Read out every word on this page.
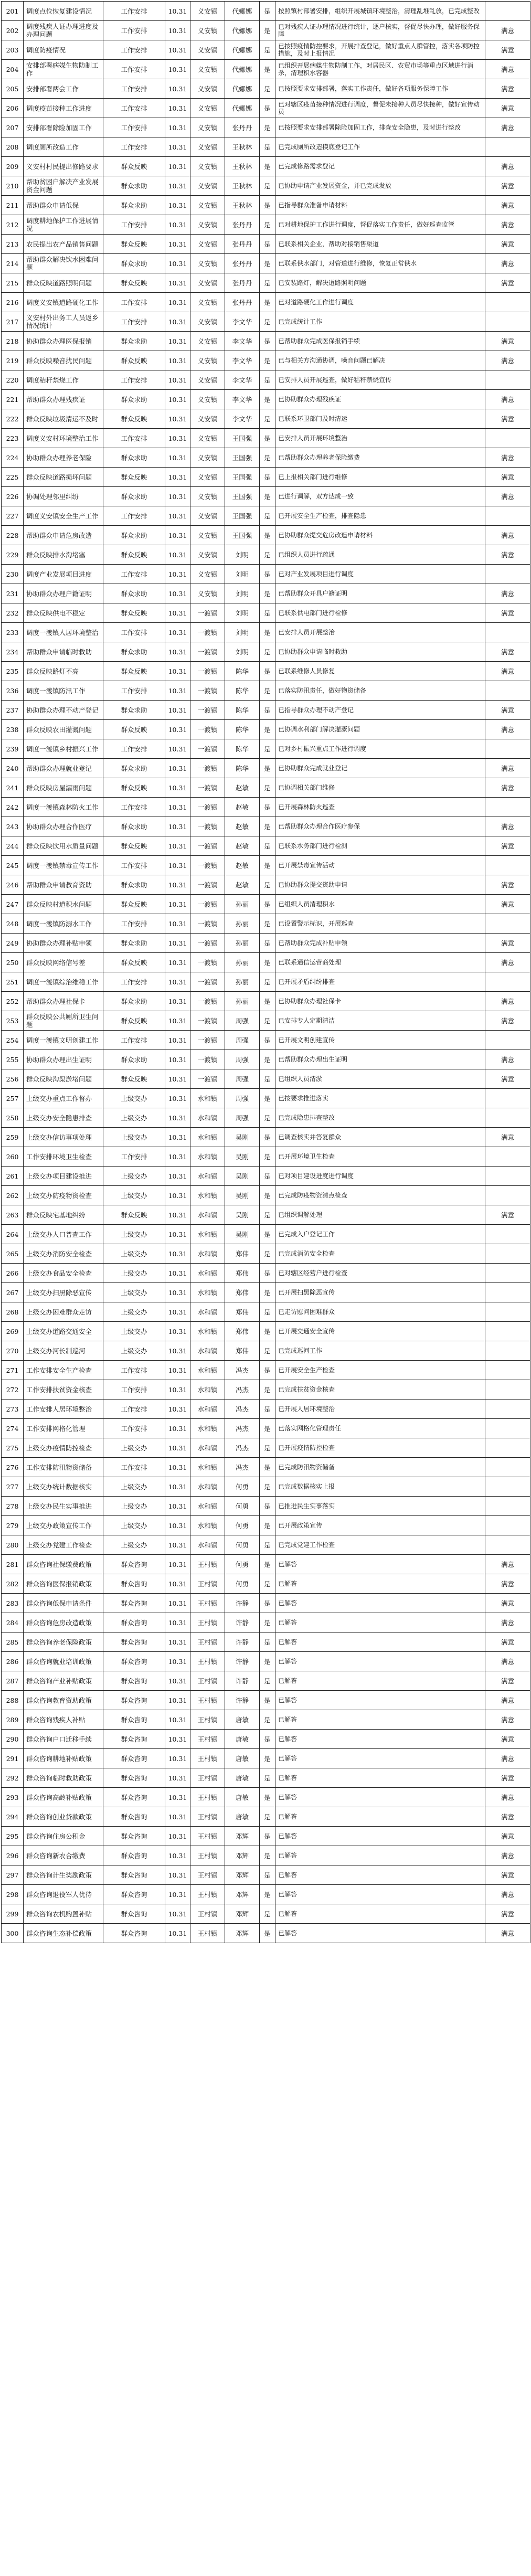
201	调度点位恢复建设情况	工作安排	10.31	义安镇	代娜娜	是	按照镇村部署安排，组织开展城镇环境整治，清理乱堆乱放，已完成整改	
202	调度残疾人证办理进度及办理问题	工作安排	10.31	义安镇	代娜娜	是	已对残疾人证办理情况进行统计，逐户核实，督促尽快办理，做好服务保障	满意
203	调度防疫情况	工作安排	10.31	义安镇	代娜娜	是	已按照疫情防控要求，开展排查登记，做好重点人群管控，落实各项防控措施，及时上报情况	满意
204	安排部署病媒生物防制工作	工作安排	10.31	义安镇	代娜娜	是	已组织开展病媒生物防制工作，对居民区、农贸市场等重点区域进行消杀，清理积水容器	满意
205	安排部署两会工作	工作安排	10.31	义安镇	代娜娜	是	已按照要求安排部署，落实工作责任，做好各项服务保障工作	满意
206	调度疫苗接种工作进度	工作安排	10.31	义安镇	代娜娜	是	已对辖区疫苗接种情况进行调度，督促未接种人员尽快接种，做好宣传动员	满意
207	安排部署除险加固工作	工作安排	10.31	义安镇	张丹丹	是	已按照要求安排部署除险加固工作，排查安全隐患，及时进行整改	满意
208	调度厕所改造工作	工作安排	10.31	义安镇	王秋林	是	已完成厕所改造摸底登记工作	
209	义安村村民提出修路要求	群众反映	10.31	义安镇	王秋林	是	已完成修路需求登记	满意
210	帮助贫困户解决产业发展资金问题	群众求助	10.31	义安镇	王秋林	是	已协助申请产业发展资金，并已完成发放	满意
211	帮助群众申请低保	群众求助	10.31	义安镇	王秋林	是	已指导群众准备申请材料	满意
212	调度耕地保护工作进展情况	工作安排	10.31	义安镇	张丹丹	是	已对耕地保护工作进行调度，督促落实工作责任，做好巡查监管	满意
213	农民提出农产品销售问题	群众反映	10.31	义安镇	张丹丹	是	已联系相关企业，帮助对接销售渠道	满意
214	帮助群众解决饮水困难问题	群众求助	10.31	义安镇	张丹丹	是	已联系供水部门，对管道进行维修，恢复正常供水	满意
215	群众反映道路照明问题	群众反映	10.31	义安镇	张丹丹	是	已安装路灯，解决道路照明问题	满意
216	调度义安镇道路硬化工作	工作安排	10.31	义安镇	张丹丹	是	已对道路硬化工作进行调度	
217	义安村外出务工人员返乡情况统计	工作安排	10.31	义安镇	李文华	是	已完成统计工作	
218	协助群众办理医保报销	群众求助	10.31	义安镇	李文华	是	已帮助群众完成医保报销手续	满意
219	群众反映噪音扰民问题	群众反映	10.31	义安镇	李文华	是	已与相关方沟通协调，噪音问题已解决	满意
220	调度秸秆禁烧工作	工作安排	10.31	义安镇	李文华	是	已安排人员开展巡查，做好秸秆禁烧宣传	
221	帮助群众办理残疾证	群众求助	10.31	义安镇	李文华	是	已协助群众办理残疾证	满意
222	群众反映垃圾清运不及时	群众反映	10.31	义安镇	李文华	是	已联系环卫部门及时清运	满意
223	调度义安村环境整治工作	工作安排	10.31	义安镇	王国强	是	已安排人员开展环境整治	
224	协助群众办理养老保险	群众求助	10.31	义安镇	王国强	是	已帮助群众办理养老保险缴费	满意
225	群众反映道路损坏问题	群众反映	10.31	义安镇	王国强	是	已上报相关部门进行维修	满意
226	协调处理邻里纠纷	群众求助	10.31	义安镇	王国强	是	已进行调解，双方达成一致	满意
227	调度义安镇安全生产工作	工作安排	10.31	义安镇	王国强	是	已开展安全生产检查，排查隐患	
228	帮助群众申请危房改造	群众求助	10.31	义安镇	王国强	是	已协助群众提交危房改造申请材料	满意
229	群众反映排水沟堵塞	群众反映	10.31	义安镇	刘明	是	已组织人员进行疏通	满意
230	调度产业发展项目进度	工作安排	10.31	义安镇	刘明	是	已对产业发展项目进行调度	
231	协助群众办理户籍证明	群众求助	10.31	义安镇	刘明	是	已帮助群众开具户籍证明	满意
232	群众反映供电不稳定	群众反映	10.31	一渡镇	刘明	是	已联系供电部门进行检修	满意
233	调度一渡镇人居环境整治	工作安排	10.31	一渡镇	刘明	是	已安排人员开展整治	
234	帮助群众申请临时救助	群众求助	10.31	一渡镇	刘明	是	已协助群众申请临时救助	满意
235	群众反映路灯不亮	群众反映	10.31	一渡镇	陈华	是	已联系维修人员修复	满意
236	调度一渡镇防汛工作	工作安排	10.31	一渡镇	陈华	是	已落实防汛责任，做好物资储备	
237	协助群众办理不动产登记	群众求助	10.31	一渡镇	陈华	是	已指导群众办理不动产登记	满意
238	群众反映农田灌溉问题	群众反映	10.31	一渡镇	陈华	是	已协调水利部门解决灌溉问题	满意
239	调度一渡镇乡村振兴工作	工作安排	10.31	一渡镇	陈华	是	已对乡村振兴重点工作进行调度	
240	帮助群众办理就业登记	群众求助	10.31	一渡镇	陈华	是	已协助群众完成就业登记	满意
241	群众反映房屋漏雨问题	群众反映	10.31	一渡镇	赵敏	是	已协调相关部门维修	满意
242	调度一渡镇森林防火工作	工作安排	10.31	一渡镇	赵敏	是	已开展森林防火巡查	
243	协助群众办理合作医疗	群众求助	10.31	一渡镇	赵敏	是	已帮助群众办理合作医疗参保	满意
244	群众反映饮用水质量问题	群众反映	10.31	一渡镇	赵敏	是	已联系水务部门进行检测	满意
245	调度一渡镇禁毒宣传工作	工作安排	10.31	一渡镇	赵敏	是	已开展禁毒宣传活动	
246	帮助群众申请教育资助	群众求助	10.31	一渡镇	赵敏	是	已协助群众提交资助申请	满意
247	群众反映村道积水问题	群众反映	10.31	一渡镇	孙丽	是	已组织人员清理积水	满意
248	调度一渡镇防溺水工作	工作安排	10.31	一渡镇	孙丽	是	已设置警示标识，开展巡查	
249	协助群众办理补贴申领	群众求助	10.31	一渡镇	孙丽	是	已帮助群众完成补贴申领	满意
250	群众反映网络信号差	群众反映	10.31	一渡镇	孙丽	是	已联系通信运营商处理	满意
251	调度一渡镇综治维稳工作	工作安排	10.31	一渡镇	孙丽	是	已开展矛盾纠纷排查	
252	帮助群众办理社保卡	群众求助	10.31	一渡镇	孙丽	是	已协助群众办理社保卡	满意
253	群众反映公共厕所卫生问题	群众反映	10.31	一渡镇	周强	是	已安排专人定期清洁	满意
254	调度一渡镇文明创建工作	工作安排	10.31	一渡镇	周强	是	已开展文明创建宣传	
255	协助群众办理出生证明	群众求助	10.31	一渡镇	周强	是	已帮助群众办理出生证明	满意
256	群众反映沟渠淤堵问题	群众反映	10.31	一渡镇	周强	是	已组织人员清淤	满意
257	上级交办重点工作督办	上级交办	10.31	水和镇	周强	是	已按要求推进落实	
258	上级交办安全隐患排查	上级交办	10.31	水和镇	周强	是	已完成隐患排查整改	
259	上级交办信访事项处理	上级交办	10.31	水和镇	吴刚	是	已调查核实并答复群众	满意
260	工作安排环境卫生检查	工作安排	10.31	水和镇	吴刚	是	已开展环境卫生检查	
261	上级交办项目建设推进	上级交办	10.31	水和镇	吴刚	是	已对项目建设进度进行调度	
262	上级交办防疫物资检查	上级交办	10.31	水和镇	吴刚	是	已完成防疫物资清点检查	
263	群众反映宅基地纠纷	群众反映	10.31	水和镇	吴刚	是	已组织调解处理	满意
264	上级交办人口普查工作	上级交办	10.31	水和镇	吴刚	是	已完成入户登记工作	
265	上级交办消防安全检查	上级交办	10.31	水和镇	郑伟	是	已完成消防安全检查	
266	上级交办食品安全检查	上级交办	10.31	水和镇	郑伟	是	已对辖区经营户进行检查	
267	上级交办扫黑除恶宣传	上级交办	10.31	水和镇	郑伟	是	已开展扫黑除恶宣传	
268	上级交办困难群众走访	上级交办	10.31	水和镇	郑伟	是	已走访慰问困难群众	
269	上级交办道路交通安全	上级交办	10.31	水和镇	郑伟	是	已开展交通安全宣传	
270	上级交办河长制巡河	上级交办	10.31	水和镇	郑伟	是	已完成巡河工作	
271	工作安排安全生产检查	工作安排	10.31	水和镇	冯杰	是	已开展安全生产检查	
272	工作安排扶贫资金核查	工作安排	10.31	水和镇	冯杰	是	已完成扶贫资金核查	
273	工作安排人居环境整治	工作安排	10.31	水和镇	冯杰	是	已开展人居环境整治	
274	工作安排网格化管理	工作安排	10.31	水和镇	冯杰	是	已落实网格化管理责任	
275	上级交办疫情防控检查	上级交办	10.31	水和镇	冯杰	是	已开展疫情防控检查	
276	工作安排防汛物资储备	工作安排	10.31	水和镇	冯杰	是	已完成防汛物资储备	
277	上级交办统计数据核实	上级交办	10.31	水和镇	何勇	是	已完成数据核实上报	
278	上级交办民生实事推进	上级交办	10.31	水和镇	何勇	是	已推进民生实事落实	
279	上级交办政策宣传工作	上级交办	10.31	水和镇	何勇	是	已开展政策宣传	
280	上级交办党建工作检查	上级交办	10.31	水和镇	何勇	是	已完成党建工作检查	
281	群众咨询社保缴费政策	群众咨询	10.31	王村镇	何勇	是	已解答	满意
282	群众咨询医保报销政策	群众咨询	10.31	王村镇	何勇	是	已解答	满意
283	群众咨询低保申请条件	群众咨询	10.31	王村镇	许静	是	已解答	满意
284	群众咨询危房改造政策	群众咨询	10.31	王村镇	许静	是	已解答	满意
285	群众咨询养老保险政策	群众咨询	10.31	王村镇	许静	是	已解答	满意
286	群众咨询就业培训政策	群众咨询	10.31	王村镇	许静	是	已解答	满意
287	群众咨询产业补贴政策	群众咨询	10.31	王村镇	许静	是	已解答	满意
288	群众咨询教育资助政策	群众咨询	10.31	王村镇	许静	是	已解答	满意
289	群众咨询残疾人补贴	群众咨询	10.31	王村镇	唐敏	是	已解答	满意
290	群众咨询户口迁移手续	群众咨询	10.31	王村镇	唐敏	是	已解答	满意
291	群众咨询耕地补贴政策	群众咨询	10.31	王村镇	唐敏	是	已解答	满意
292	群众咨询临时救助政策	群众咨询	10.31	王村镇	唐敏	是	已解答	满意
293	群众咨询高龄补贴政策	群众咨询	10.31	王村镇	唐敏	是	已解答	满意
294	群众咨询创业贷款政策	群众咨询	10.31	王村镇	唐敏	是	已解答	满意
295	群众咨询住房公积金	群众咨询	10.31	王村镇	邓辉	是	已解答	满意
296	群众咨询新农合缴费	群众咨询	10.31	王村镇	邓辉	是	已解答	满意
297	群众咨询计生奖励政策	群众咨询	10.31	王村镇	邓辉	是	已解答	满意
298	群众咨询退役军人优待	群众咨询	10.31	王村镇	邓辉	是	已解答	满意
299	群众咨询农机购置补贴	群众咨询	10.31	王村镇	邓辉	是	已解答	满意
300	群众咨询生态补偿政策	群众咨询	10.31	王村镇	邓辉	是	已解答	满意
